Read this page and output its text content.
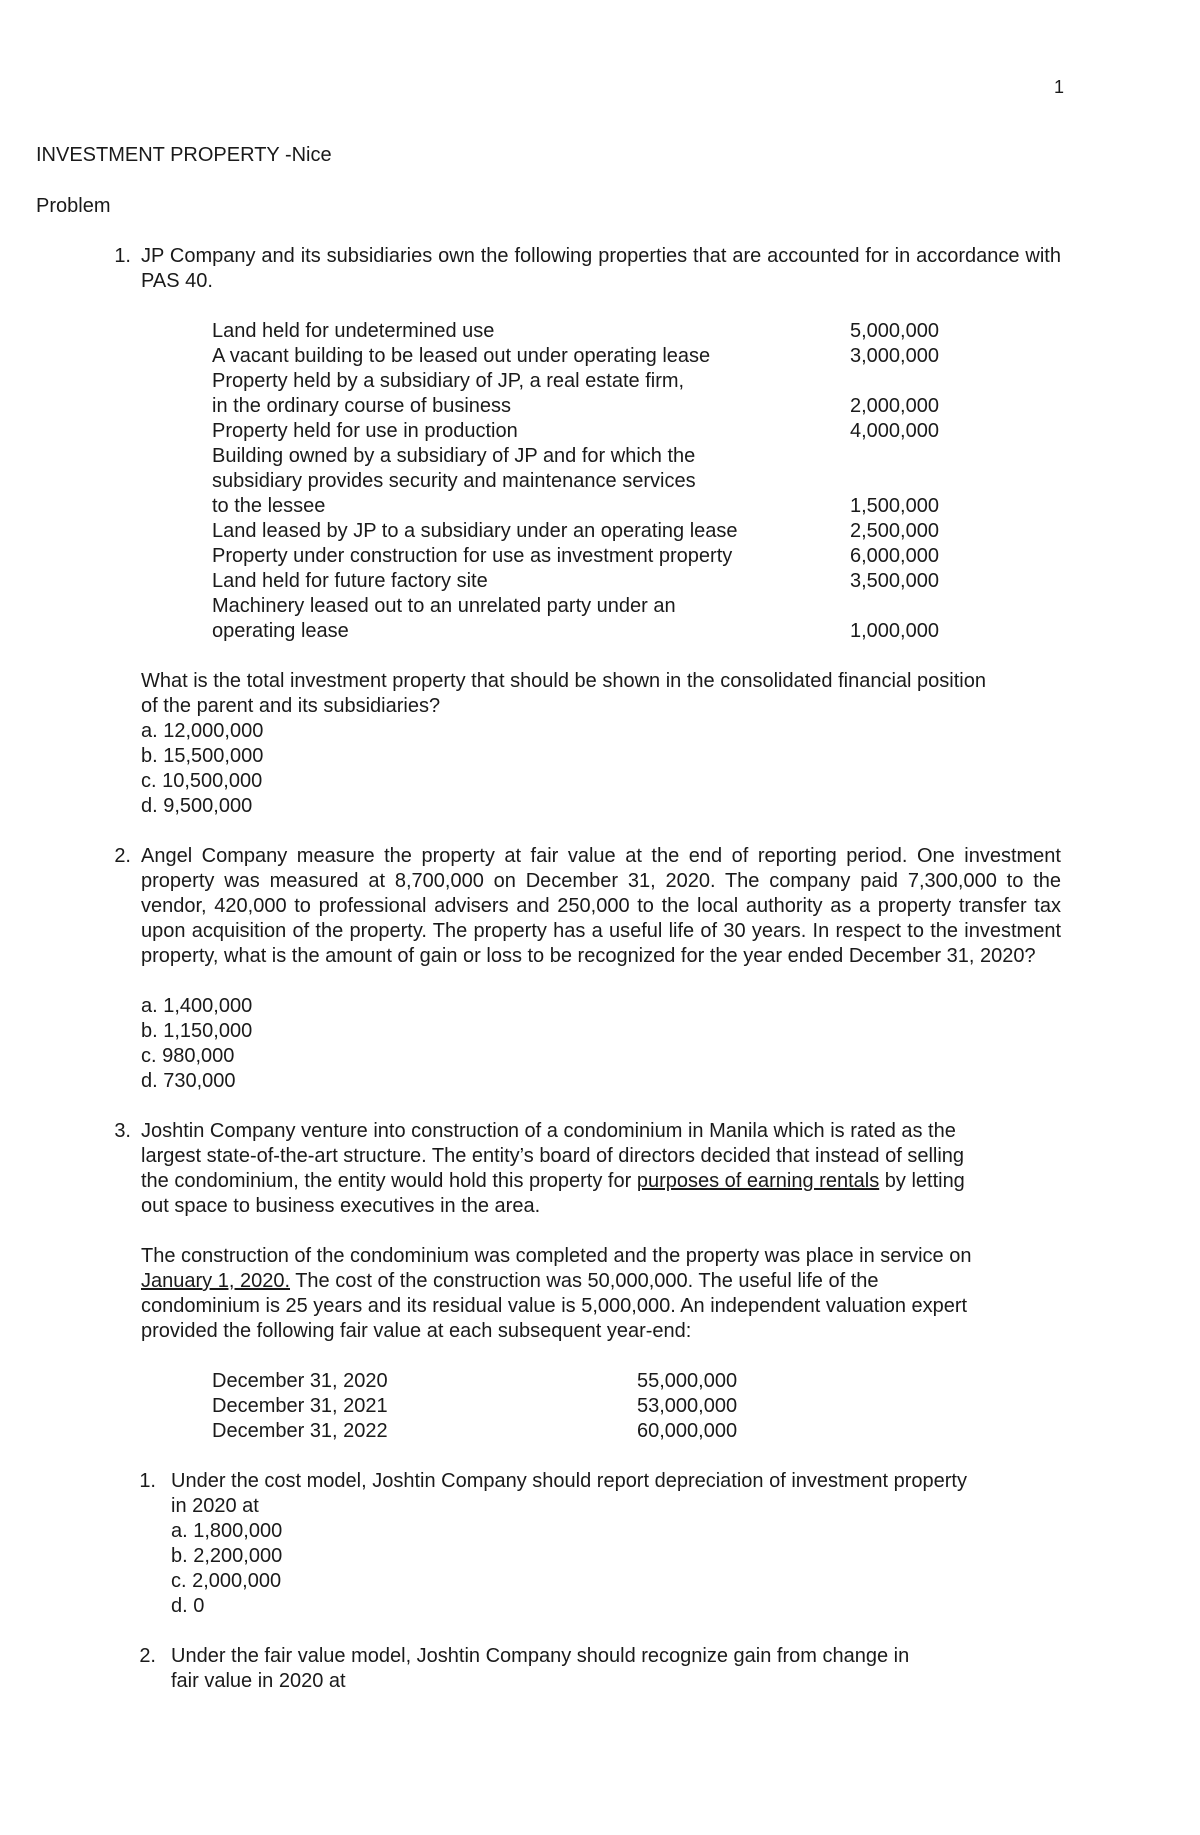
1
INVESTMENT PROPERTY -Nice
Problem
1. JP Company and its subsidiaries own the following properties that are accounted for in accordance with PAS 40.
Land held for undetermined use	5,000,000
A vacant building to be leased out under operating lease	3,000,000
Property held by a subsidiary of JP, a real estate firm,
in the ordinary course of business	2,000,000
Property held for use in production	4,000,000
Building owned by a subsidiary of JP and for which the
subsidiary provides security and maintenance services
to the lessee	1,500,000
Land leased by JP to a subsidiary under an operating lease	2,500,000
Property under construction for use as investment property	6,000,000
Land held for future factory site	3,500,000
Machinery leased out to an unrelated party under an
operating lease	1,000,000
What is the total investment property that should be shown in the consolidated financial position
of the parent and its subsidiaries?
a. 12,000,000
b. 15,500,000
c. 10,500,000
d. 9,500,000
2. Angel Company measure the property at fair value at the end of reporting period. One investment property was measured at 8,700,000 on December 31, 2020. The company paid 7,300,000 to the vendor, 420,000 to professional advisers and 250,000 to the local authority as a property transfer tax upon acquisition of the property. The property has a useful life of 30 years. In respect to the investment property, what is the amount of gain or loss to be recognized for the year ended December 31, 2020?
a. 1,400,000
b. 1,150,000
c. 980,000
d. 730,000
3. Joshtin Company venture into construction of a condominium in Manila which is rated as the
largest state-of-the-art structure. The entity’s board of directors decided that instead of selling
the condominium, the entity would hold this property for purposes of earning rentals by letting
out space to business executives in the area.
The construction of the condominium was completed and the property was place in service on
January 1, 2020. The cost of the construction was 50,000,000. The useful life of the
condominium is 25 years and its residual value is 5,000,000. An independent valuation expert
provided the following fair value at each subsequent year-end:
December 31, 2020	55,000,000
December 31, 2021	53,000,000
December 31, 2022	60,000,000
1. Under the cost model, Joshtin Company should report depreciation of investment property
in 2020 at
a. 1,800,000
b. 2,200,000
c. 2,000,000
d. 0
2. Under the fair value model, Joshtin Company should recognize gain from change in
fair value in 2020 at
